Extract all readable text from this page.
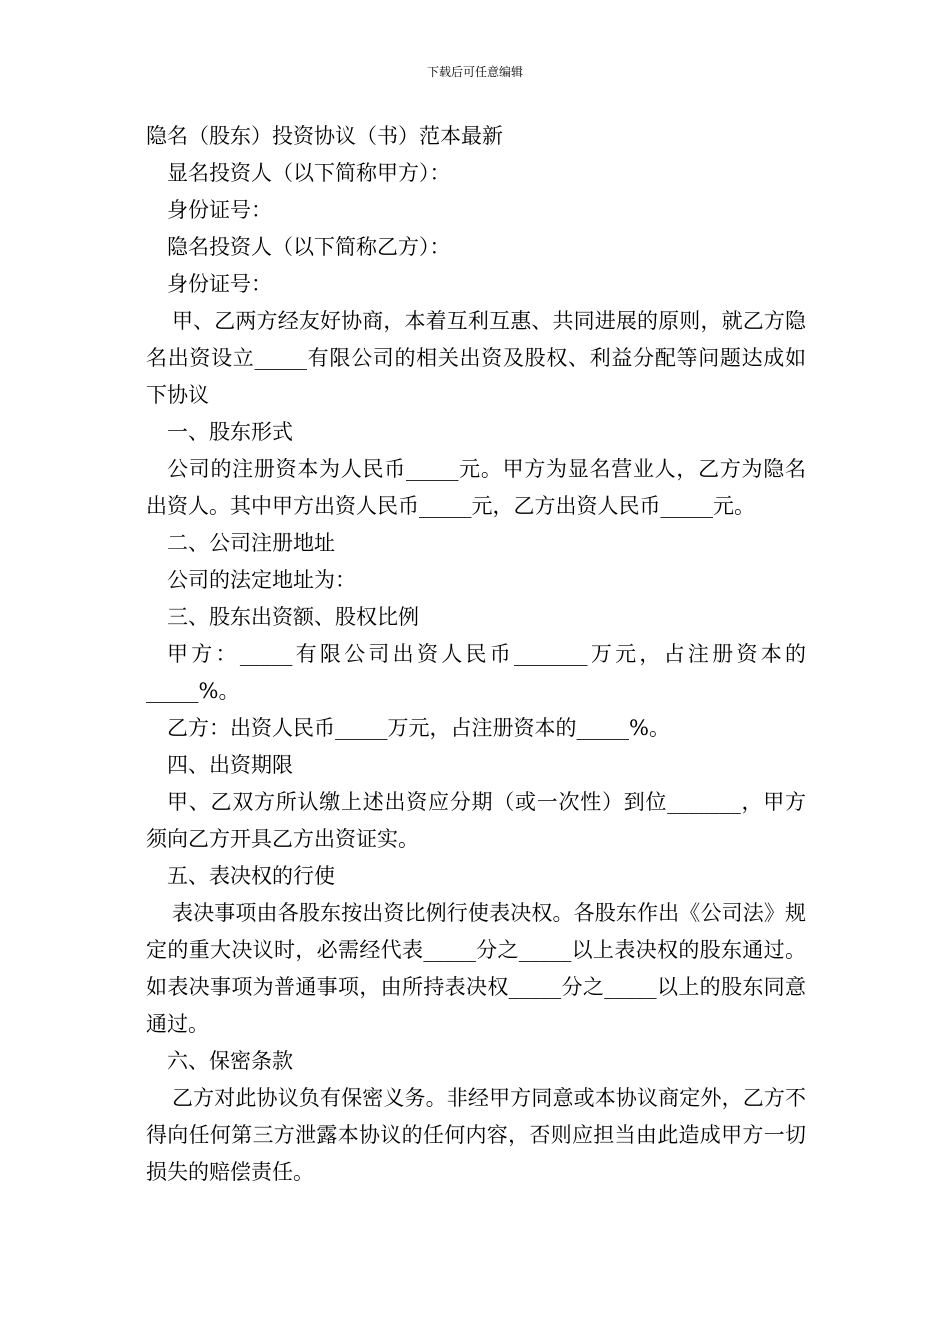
下载后可任意编辑

隐名（股东）投资协议（书）范本最新

显名投资人（以下简称甲方）：

身份证号：

隐名投资人（以下简称乙方）：

身份证号：

甲、乙两方经友好协商，本着互利互惠、共同进展的原则，就乙方隐名出资设立_____有限公司的相关出资及股权、利益分配等问题达成如下协议

一、股东形式

公司的注册资本为人民币_____元。甲方为显名营业人，乙方为隐名出资人。其中甲方出资人民币_____元，乙方出资人民币_____元。

二、公司注册地址

公司的法定地址为：

三、股东出资额、股权比例

甲方：_____有限公司出资人民币_______万元，占注册资本的_____%。

乙方：出资人民币_____万元，占注册资本的_____%。

四、出资期限

甲、乙双方所认缴上述出资应分期（或一次性）到位_______，甲方须向乙方开具乙方出资证实。

五、表决权的行使

表决事项由各股东按出资比例行使表决权。各股东作出《公司法》规定的重大决议时，必需经代表_____分之_____以上表决权的股东通过。如表决事项为普通事项，由所持表决权_____分之_____以上的股东同意通过。

六、保密条款

乙方对此协议负有保密义务。非经甲方同意或本协议商定外，乙方不得向任何第三方泄露本协议的任何内容，否则应担当由此造成甲方一切损失的赔偿责任。
